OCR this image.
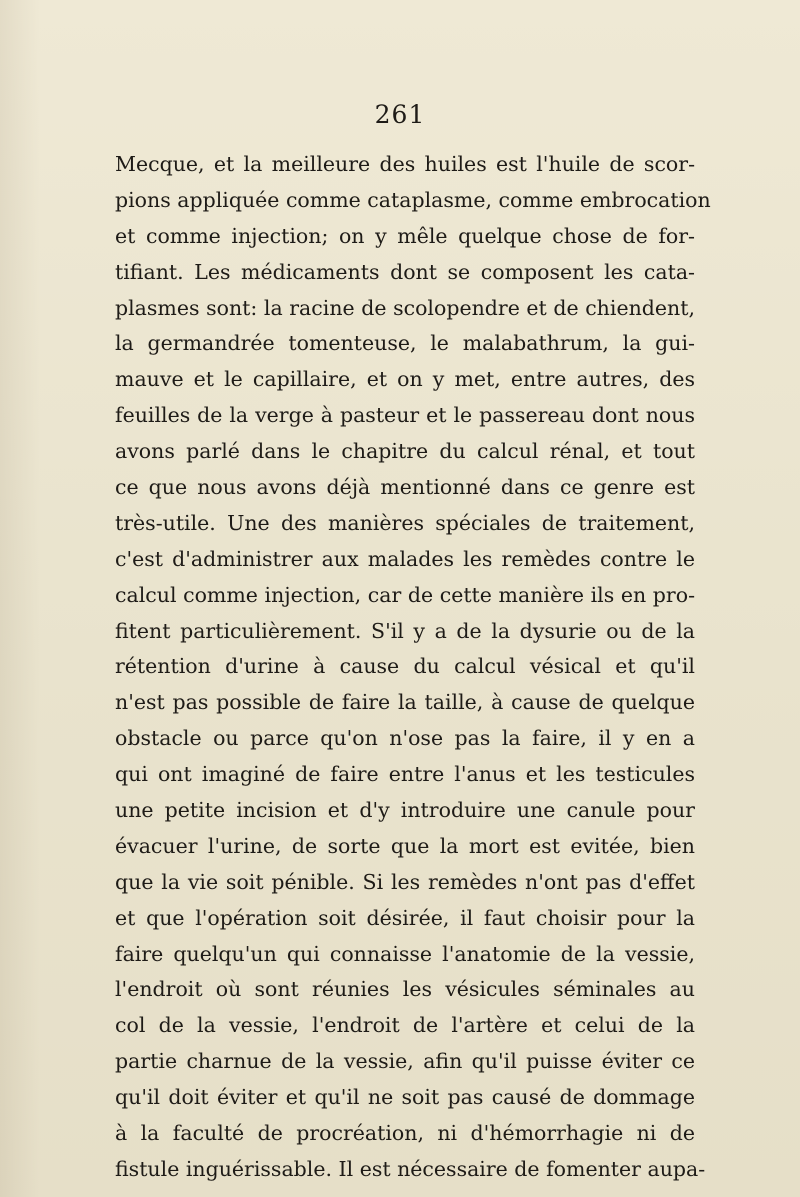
261
Mecque, et la meilleure des huiles est l'huile de scor-
pions appliquée comme cataplasme, comme embrocation
et comme injection; on y mêle quelque chose de for-
tifiant. Les médicaments dont se composent les cata-
plasmes sont: la racine de scolopendre et de chiendent,
la germandrée tomenteuse, le malabathrum, la gui-
mauve et le capillaire, et on y met, entre autres, des
feuilles de la verge à pasteur et le passereau dont nous
avons parlé dans le chapitre du calcul rénal, et tout
ce que nous avons déjà mentionné dans ce genre est
très-utile. Une des manières spéciales de traitement,
c'est d'administrer aux malades les remèdes contre le
calcul comme injection, car de cette manière ils en pro-
fitent particulièrement. S'il y a de la dysurie ou de la
rétention d'urine à cause du calcul vésical et qu'il
n'est pas possible de faire la taille, à cause de quelque
obstacle ou parce qu'on n'ose pas la faire, il y en a
qui ont imaginé de faire entre l'anus et les testicules
une petite incision et d'y introduire une canule pour
évacuer l'urine, de sorte que la mort est evitée, bien
que la vie soit pénible. Si les remèdes n'ont pas d'effet
et que l'opération soit désirée, il faut choisir pour la
faire quelqu'un qui connaisse l'anatomie de la vessie,
l'endroit où sont réunies les vésicules séminales au
col de la vessie, l'endroit de l'artère et celui de la
partie charnue de la vessie, afin qu'il puisse éviter ce
qu'il doit éviter et qu'il ne soit pas causé de dommage
à la faculté de procréation, ni d'hémorrhagie ni de
fistule inguérissable. Il est nécessaire de fomenter aupa-
